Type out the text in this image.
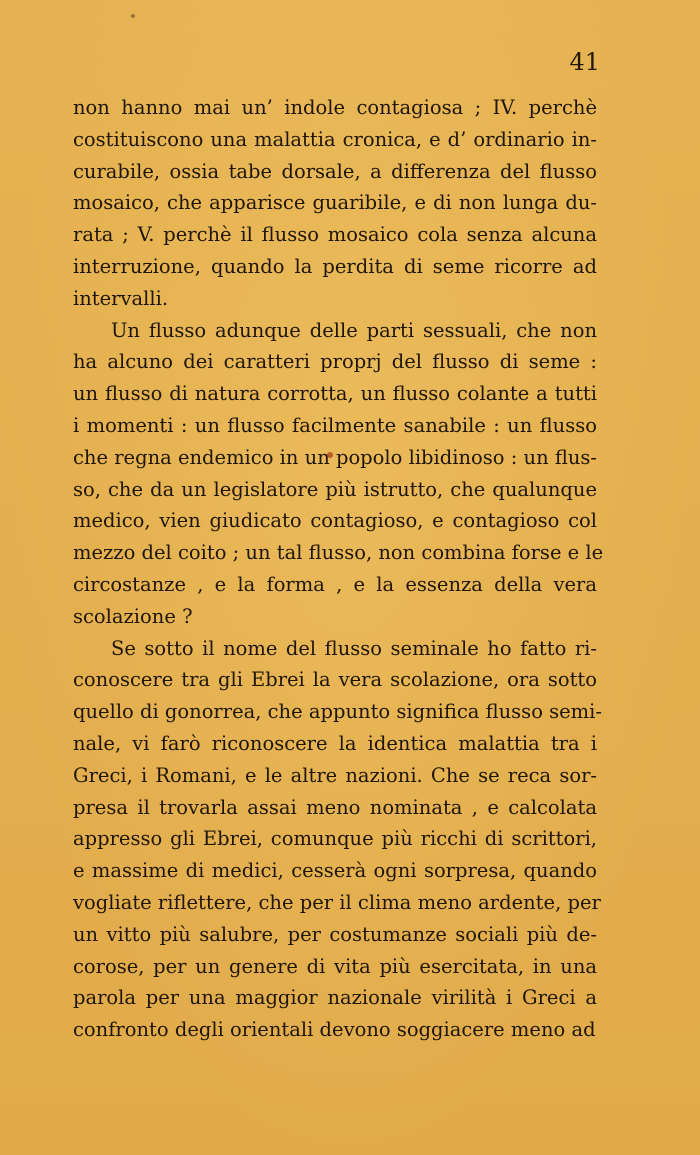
41

non hanno mai un’ indole contagiosa ; IV. perchè
costituiscono una malattia cronica, e d’ ordinario in-
curabile, ossia tabe dorsale, a differenza del flusso
mosaico, che apparisce guaribile, e di non lunga du-
rata ; V. perchè il flusso mosaico cola senza alcuna
interruzione, quando la perdita di seme ricorre ad
intervalli.

Un flusso adunque delle parti sessuali, che non
ha alcuno dei caratteri proprj del flusso di seme :
un flusso di natura corrotta, un flusso colante a tutti
i momenti : un flusso facilmente sanabile : un flusso
che regna endemico in un popolo libidinoso : un flus-
so, che da un legislatore più istrutto, che qualunque
medico, vien giudicato contagioso, e contagioso col
mezzo del coito ; un tal flusso, non combina forse e le
circostanze , e la forma , e la essenza della vera
scolazione ?

Se sotto il nome del flusso seminale ho fatto ri-
conoscere tra gli Ebrei la vera scolazione, ora sotto
quello di gonorrea, che appunto significa flusso semi-
nale, vi farò riconoscere la identica malattia tra i
Greci, i Romani, e le altre nazioni. Che se reca sor-
presa il trovarla assai meno nominata , e calcolata
appresso gli Ebrei, comunque più ricchi di scrittori,
e massime di medici, cesserà ogni sorpresa, quando
vogliate riflettere, che per il clima meno ardente, per
un vitto più salubre, per costumanze sociali più de-
corose, per un genere di vita più esercitata, in una
parola per una maggior nazionale virilità i Greci a
confronto degli orientali devono soggiacere meno ad
